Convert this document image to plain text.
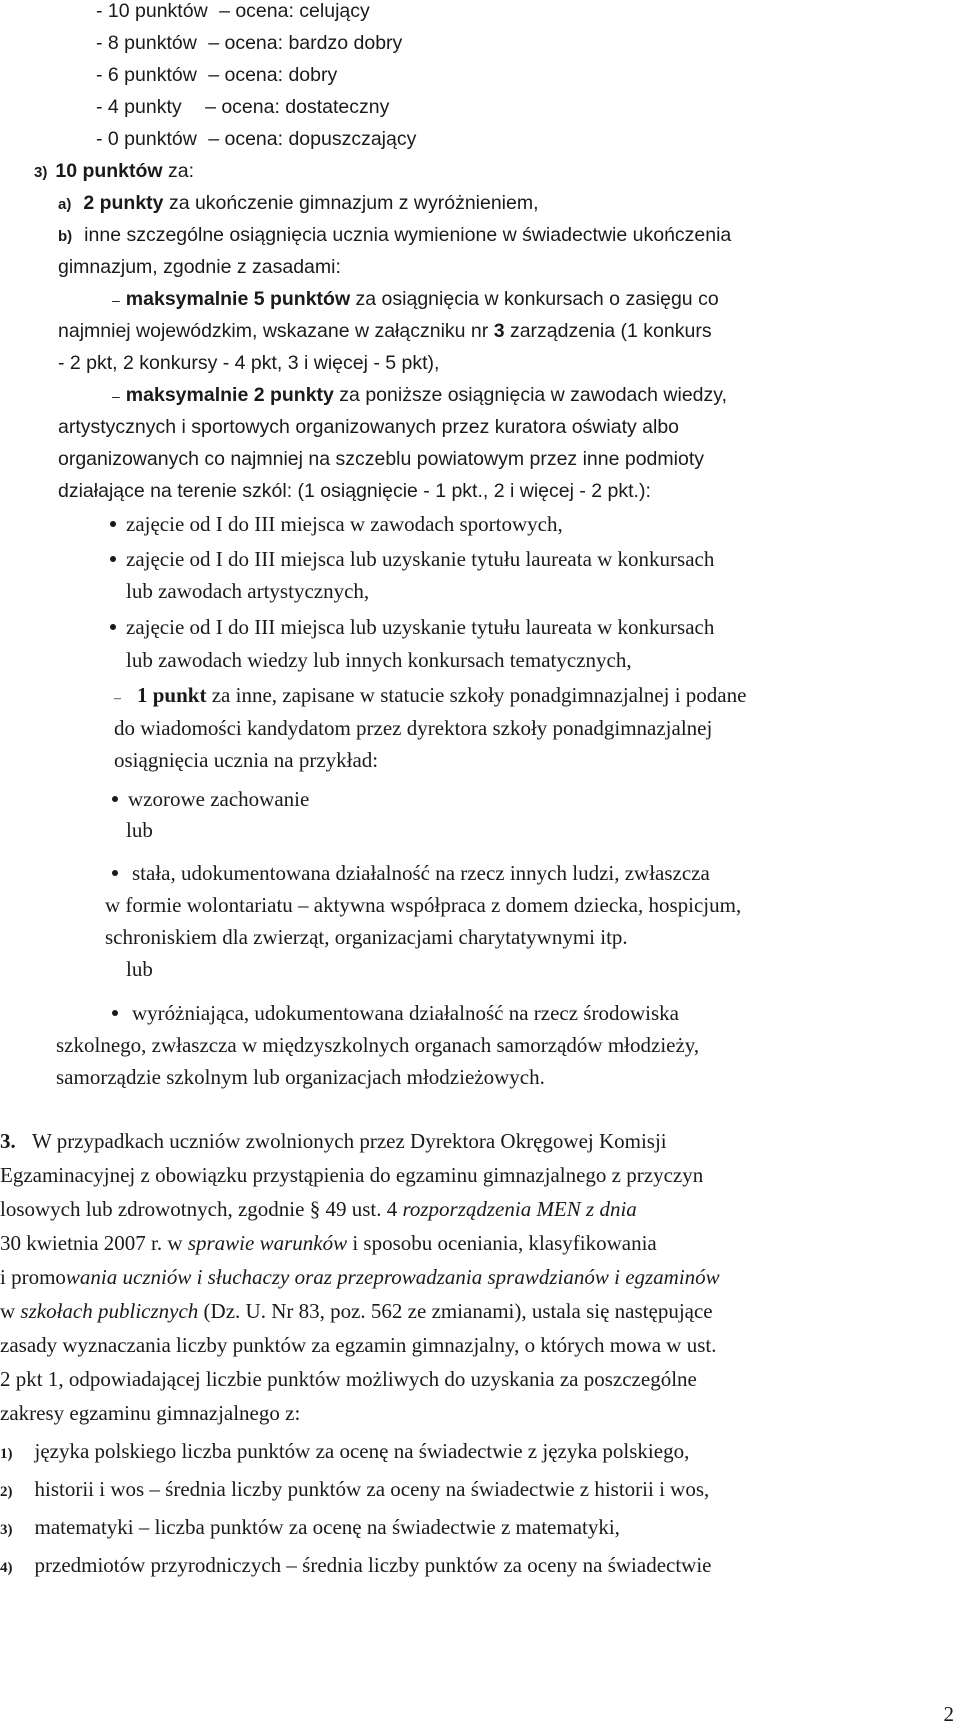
- 10 punktów – ocena: celujący
- 8 punktów – ocena: bardzo dobry
- 6 punktów – ocena: dobry
- 4 punkty – ocena: dostateczny
- 0 punktów – ocena: dopuszczający
3) 10 punktów za:
a) 2 punkty za ukończenie gimnazjum z wyróżnieniem,
b) inne szczególne osiągnięcia ucznia wymienione w świadectwie ukończenia
gimnazjum, zgodnie z zasadami:
– maksymalnie 5 punktów za osiągnięcia w konkursach o zasięgu co
najmniej wojewódzkim, wskazane w załączniku nr 3 zarządzenia (1 konkurs
- 2 pkt, 2 konkursy - 4 pkt, 3 i więcej - 5 pkt),
– maksymalnie 2 punkty za poniższe osiągnięcia w zawodach wiedzy,
artystycznych i sportowych organizowanych przez kuratora oświaty albo
organizowanych co najmniej na szczeblu powiatowym przez inne podmioty
działające na terenie szkól: (1 osiągnięcie - 1 pkt., 2 i więcej - 2 pkt.):
zajęcie od I do III miejsca w zawodach sportowych,
zajęcie od I do III miejsca lub uzyskanie tytułu laureata w konkursach
lub zawodach artystycznych,
zajęcie od I do III miejsca lub uzyskanie tytułu laureata w konkursach
lub zawodach wiedzy lub innych konkursach tematycznych,
– 1 punkt za inne, zapisane w statucie szkoły ponadgimnazjalnej i podane
do wiadomości kandydatom przez dyrektora szkoły ponadgimnazjalnej
osiągnięcia ucznia na przykład:
wzorowe zachowanie
lub
stała, udokumentowana działalność na rzecz innych ludzi, zwłaszcza
w formie wolontariatu – aktywna współpraca z domem dziecka, hospicjum,
schroniskiem dla zwierząt, organizacjami charytatywnymi itp.
lub
wyróżniająca, udokumentowana działalność na rzecz środowiska
szkolnego, zwłaszcza w międzyszkolnych organach samorządów młodzieży,
samorządzie szkolnym lub organizacjach młodzieżowych.
3. W przypadkach uczniów zwolnionych przez Dyrektora Okręgowej Komisji
Egzaminacyjnej z obowiązku przystąpienia do egzaminu gimnazjalnego z przyczyn
losowych lub zdrowotnych, zgodnie § 49 ust. 4 rozporządzenia MEN z dnia
30 kwietnia 2007 r. w sprawie warunków i sposobu oceniania, klasyfikowania
i promowania uczniów i słuchaczy oraz przeprowadzania sprawdzianów i egzaminów
w szkołach publicznych (Dz. U. Nr 83, poz. 562 ze zmianami), ustala się następujące
zasady wyznaczania liczby punktów za egzamin gimnazjalny, o których mowa w ust.
2 pkt 1, odpowiadającej liczbie punktów możliwych do uzyskania za poszczególne
zakresy egzaminu gimnazjalnego z:
1) języka polskiego liczba punktów za ocenę na świadectwie z języka polskiego,
2) historii i wos – średnia liczby punktów za oceny na świadectwie z historii i wos,
3) matematyki – liczba punktów za ocenę na świadectwie z matematyki,
4) przedmiotów przyrodniczych – średnia liczby punktów za oceny na świadectwie
2
